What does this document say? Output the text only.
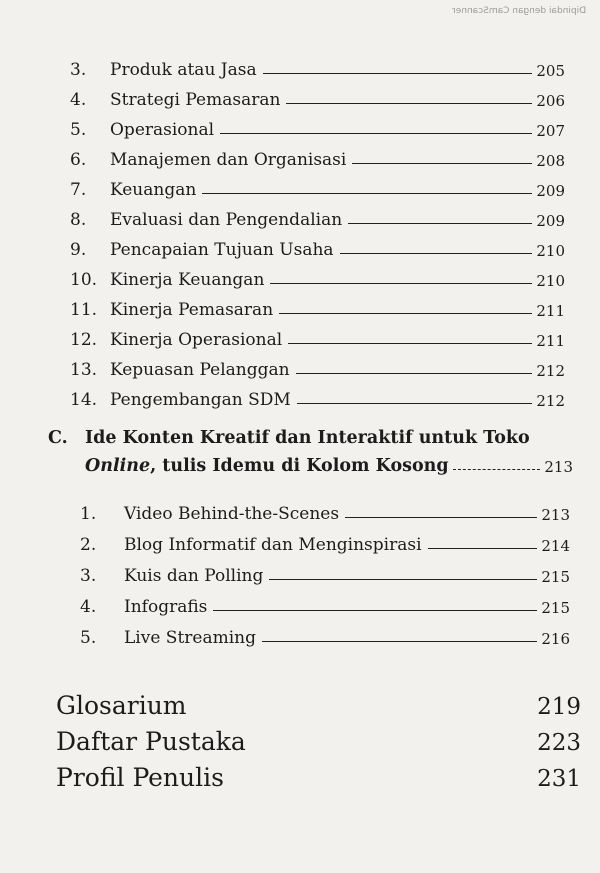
Dipindai dengan CamScanner
3.	Produk atau Jasa	205
4.	Strategi Pemasaran	206
5.	Operasional	207
6.	Manajemen dan Organisasi	208
7.	Keuangan	209
8.	Evaluasi dan Pengendalian	209
9.	Pencapaian Tujuan Usaha	210
10. Kinerja Keuangan	210
11. Kinerja Pemasaran	211
12. Kinerja Operasional	211
13. Kepuasan Pelanggan	212
14. Pengembangan SDM	212
C. Ide Konten Kreatif dan Interaktif untuk Toko
Online, tulis Idemu di Kolom Kosong	213
1.	Video Behind-the-Scenes	213
2.	Blog Informatif dan Menginspirasi	214
3.	Kuis dan Polling	215
4.	Infografis	215
5.	Live Streaming	216
Glosarium	219
Daftar Pustaka	223
Profil Penulis	231
